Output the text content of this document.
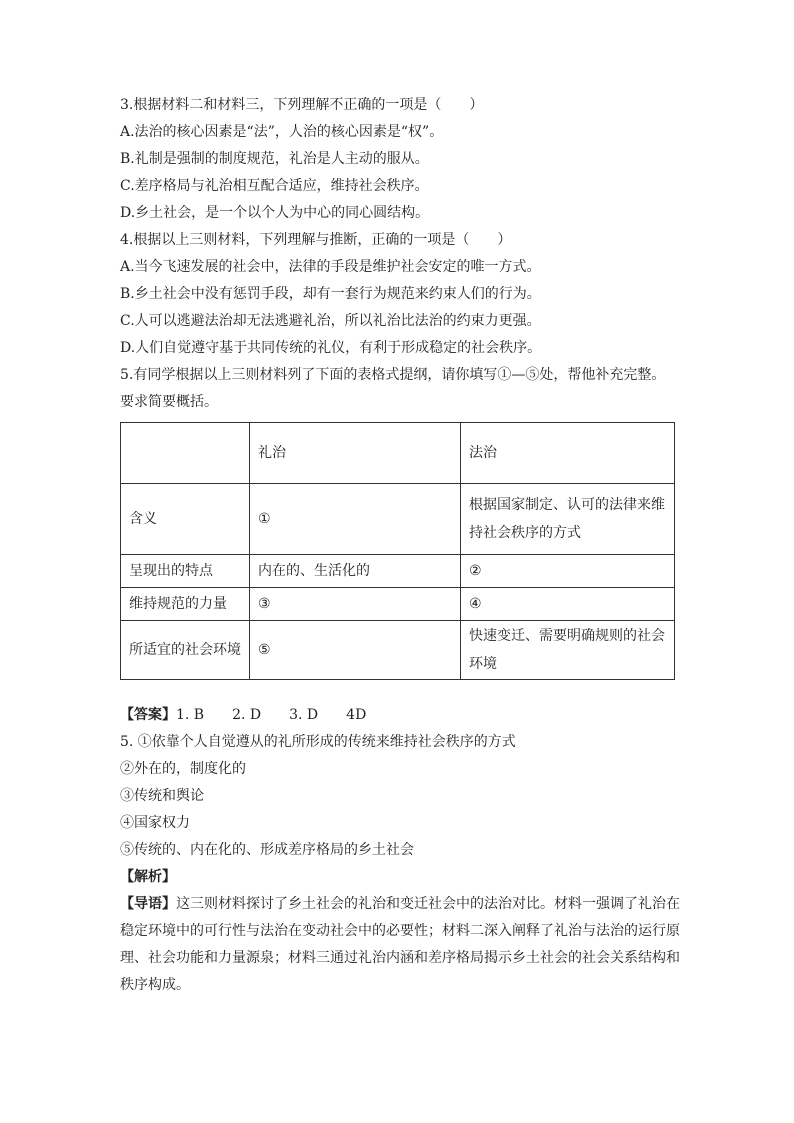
3.根据材料二和材料三，下列理解不正确的一项是（　　）
A.法治的核心因素是“法”，人治的核心因素是“权”。
B.礼制是强制的制度规范，礼治是人主动的服从。
C.差序格局与礼治相互配合适应，维持社会秩序。
D.乡土社会，是一个以个人为中心的同心圆结构。
4.根据以上三则材料，下列理解与推断，正确的一项是（　　）
A.当今飞速发展的社会中，法律的手段是维护社会安定的唯一方式。
B.乡土社会中没有惩罚手段，却有一套行为规范来约束人们的行为。
C.人可以逃避法治却无法逃避礼治，所以礼治比法治的约束力更强。
D.人们自觉遵守基于共同传统的礼仪，有利于形成稳定的社会秩序。
5.有同学根据以上三则材料列了下面的表格式提纲，请你填写①—⑤处，帮他补充完整。
要求简要概括。
	礼治	法治
含义	①	根据国家制定、认可的法律来维持社会秩序的方式
呈现出的特点	内在的、生活化的	②
维持规范的力量	③	④
所适宜的社会环境	⑤	快速变迁、需要明确规则的社会环境
【答案】1. B　　2. D　　3. D　　4D
5. ①依靠个人自觉遵从的礼所形成的传统来维持社会秩序的方式
②外在的，制度化的
③传统和舆论
④国家权力
⑤传统的、内在化的、形成差序格局的乡土社会
【解析】
【导语】这三则材料探讨了乡土社会的礼治和变迁社会中的法治对比。材料一强调了礼治在稳定环境中的可行性与法治在变动社会中的必要性；材料二深入阐释了礼治与法治的运行原理、社会功能和力量源泉；材料三通过礼治内涵和差序格局揭示乡土社会的社会关系结构和秩序构成。
